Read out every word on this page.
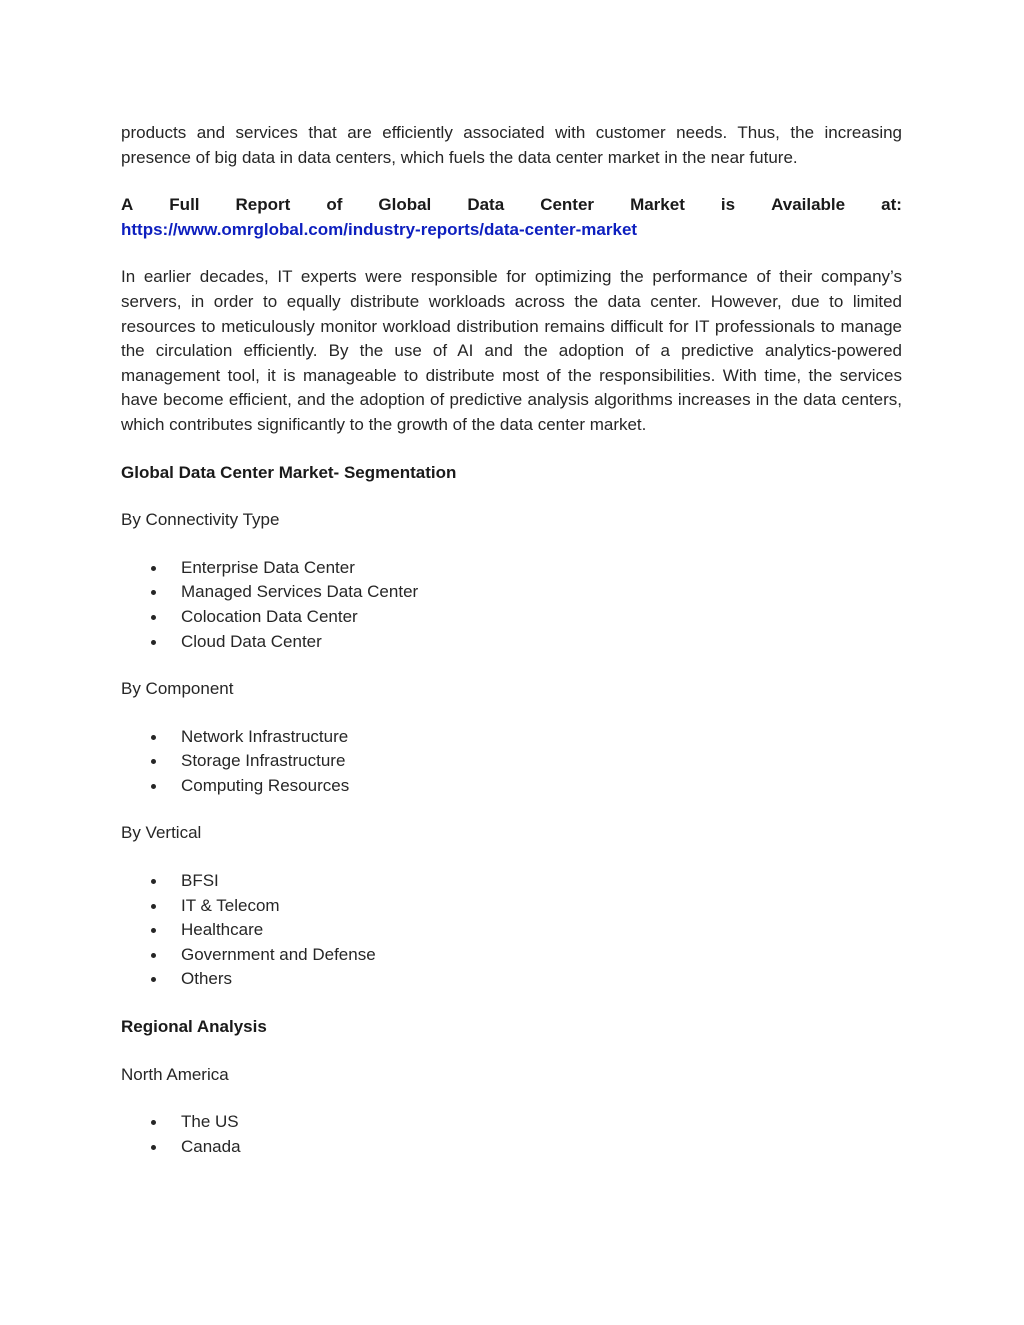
products and services that are efficiently associated with customer needs. Thus, the increasing presence of big data in data centers, which fuels the data center market in the near future.

A Full Report of Global Data Center Market is Available at:
https://www.omrglobal.com/industry-reports/data-center-market

In earlier decades, IT experts were responsible for optimizing the performance of their company’s servers, in order to equally distribute workloads across the data center. However, due to limited resources to meticulously monitor workload distribution remains difficult for IT professionals to manage the circulation efficiently. By the use of AI and the adoption of a predictive analytics-powered management tool, it is manageable to distribute most of the responsibilities. With time, the services have become efficient, and the adoption of predictive analysis algorithms increases in the data centers, which contributes significantly to the growth of the data center market.

Global Data Center Market- Segmentation
By Connectivity Type
Enterprise Data Center
Managed Services Data Center
Colocation Data Center
Cloud Data Center
By Component
Network Infrastructure
Storage Infrastructure
Computing Resources
By Vertical
BFSI
IT & Telecom
Healthcare
Government and Defense
Others
Regional Analysis
North America
The US
Canada
